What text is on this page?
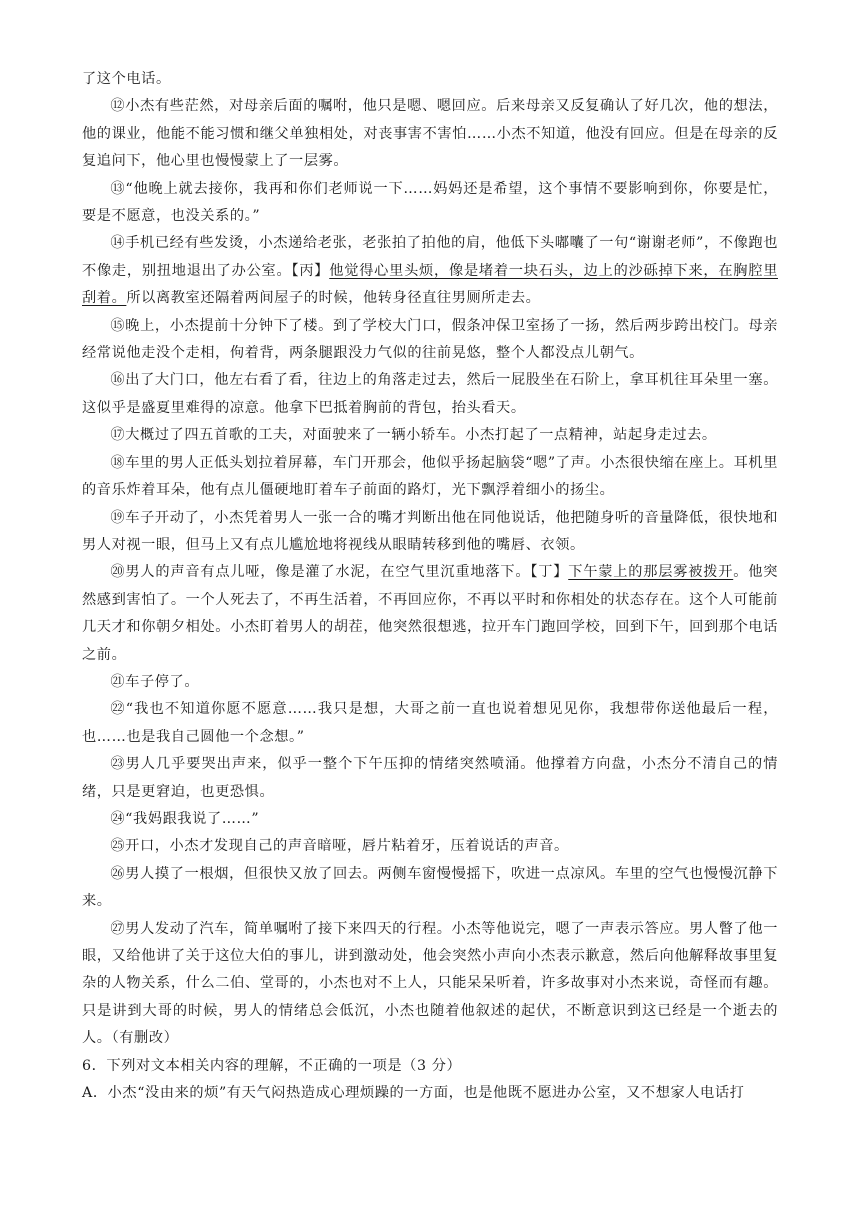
了这个电话。

⑫小杰有些茫然，对母亲后面的嘱咐，他只是嗯、嗯回应。后来母亲又反复确认了好几次，他的想法，他的课业，他能不能习惯和继父单独相处，对丧事害不害怕……小杰不知道，他没有回应。但是在母亲的反复追问下，他心里也慢慢蒙上了一层雾。

⑬“他晚上就去接你，我再和你们老师说一下……妈妈还是希望，这个事情不要影响到你，你要是忙，要是不愿意，也没关系的。”

⑭手机已经有些发烫，小杰递给老张，老张拍了拍他的肩，他低下头嘟囔了一句“谢谢老师”，不像跑也不像走，别扭地退出了办公室。【丙】他觉得心里头烦，像是堵着一块石头，边上的沙砾掉下来，在胸腔里刮着。所以离教室还隔着两间屋子的时候，他转身径直往男厕所走去。

⑮晚上，小杰提前十分钟下了楼。到了学校大门口，假条冲保卫室扬了一扬，然后两步跨出校门。母亲经常说他走没个走相，佝着背，两条腿跟没力气似的往前晃悠，整个人都没点儿朝气。

⑯出了大门口，他左右看了看，往边上的角落走过去，然后一屁股坐在石阶上，拿耳机往耳朵里一塞。这似乎是盛夏里难得的凉意。他拿下巴抵着胸前的背包，抬头看天。

⑰大概过了四五首歌的工夫，对面驶来了一辆小轿车。小杰打起了一点精神，站起身走过去。

⑱车里的男人正低头划拉着屏幕，车门开那会，他似乎扬起脑袋“嗯”了声。小杰很快缩在座上。耳机里的音乐炸着耳朵，他有点儿僵硬地盯着车子前面的路灯，光下飘浮着细小的扬尘。

⑲车子开动了，小杰凭着男人一张一合的嘴才判断出他在同他说话，他把随身听的音量降低，很快地和男人对视一眼，但马上又有点儿尴尬地将视线从眼睛转移到他的嘴唇、衣领。

⑳男人的声音有点儿哑，像是灌了水泥，在空气里沉重地落下。【丁】下午蒙上的那层雾被拨开。他突然感到害怕了。一个人死去了，不再生活着，不再回应你，不再以平时和你相处的状态存在。这个人可能前几天才和你朝夕相处。小杰盯着男人的胡茬，他突然很想逃，拉开车门跑回学校，回到下午，回到那个电话之前。

㉑车子停了。

㉒“我也不知道你愿不愿意……我只是想，大哥之前一直也说着想见见你，我想带你送他最后一程，也……也是我自己圆他一个念想。”

㉓男人几乎要哭出声来，似乎一整个下午压抑的情绪突然喷涌。他撑着方向盘，小杰分不清自己的情绪，只是更窘迫，也更恐惧。

㉔“我妈跟我说了……”

㉕开口，小杰才发现自己的声音暗哑，唇片粘着牙，压着说话的声音。

㉖男人摸了一根烟，但很快又放了回去。两侧车窗慢慢摇下，吹进一点凉风。车里的空气也慢慢沉静下来。

㉗男人发动了汽车，简单嘱咐了接下来四天的行程。小杰等他说完，嗯了一声表示答应。男人瞥了他一眼，又给他讲了关于这位大伯的事儿，讲到激动处，他会突然小声向小杰表示歉意，然后向他解释故事里复杂的人物关系，什么二伯、堂哥的，小杰也对不上人，只能呆呆听着，许多故事对小杰来说，奇怪而有趣。只是讲到大哥的时候，男人的情绪总会低沉，小杰也随着他叙述的起伏，不断意识到这已经是一个逝去的人。（有删改）

6．下列对文本相关内容的理解，不正确的一项是（3 分）

A．小杰“没由来的烦”有天气闷热造成心理烦躁的一方面，也是他既不愿进办公室，又不想家人电话打
